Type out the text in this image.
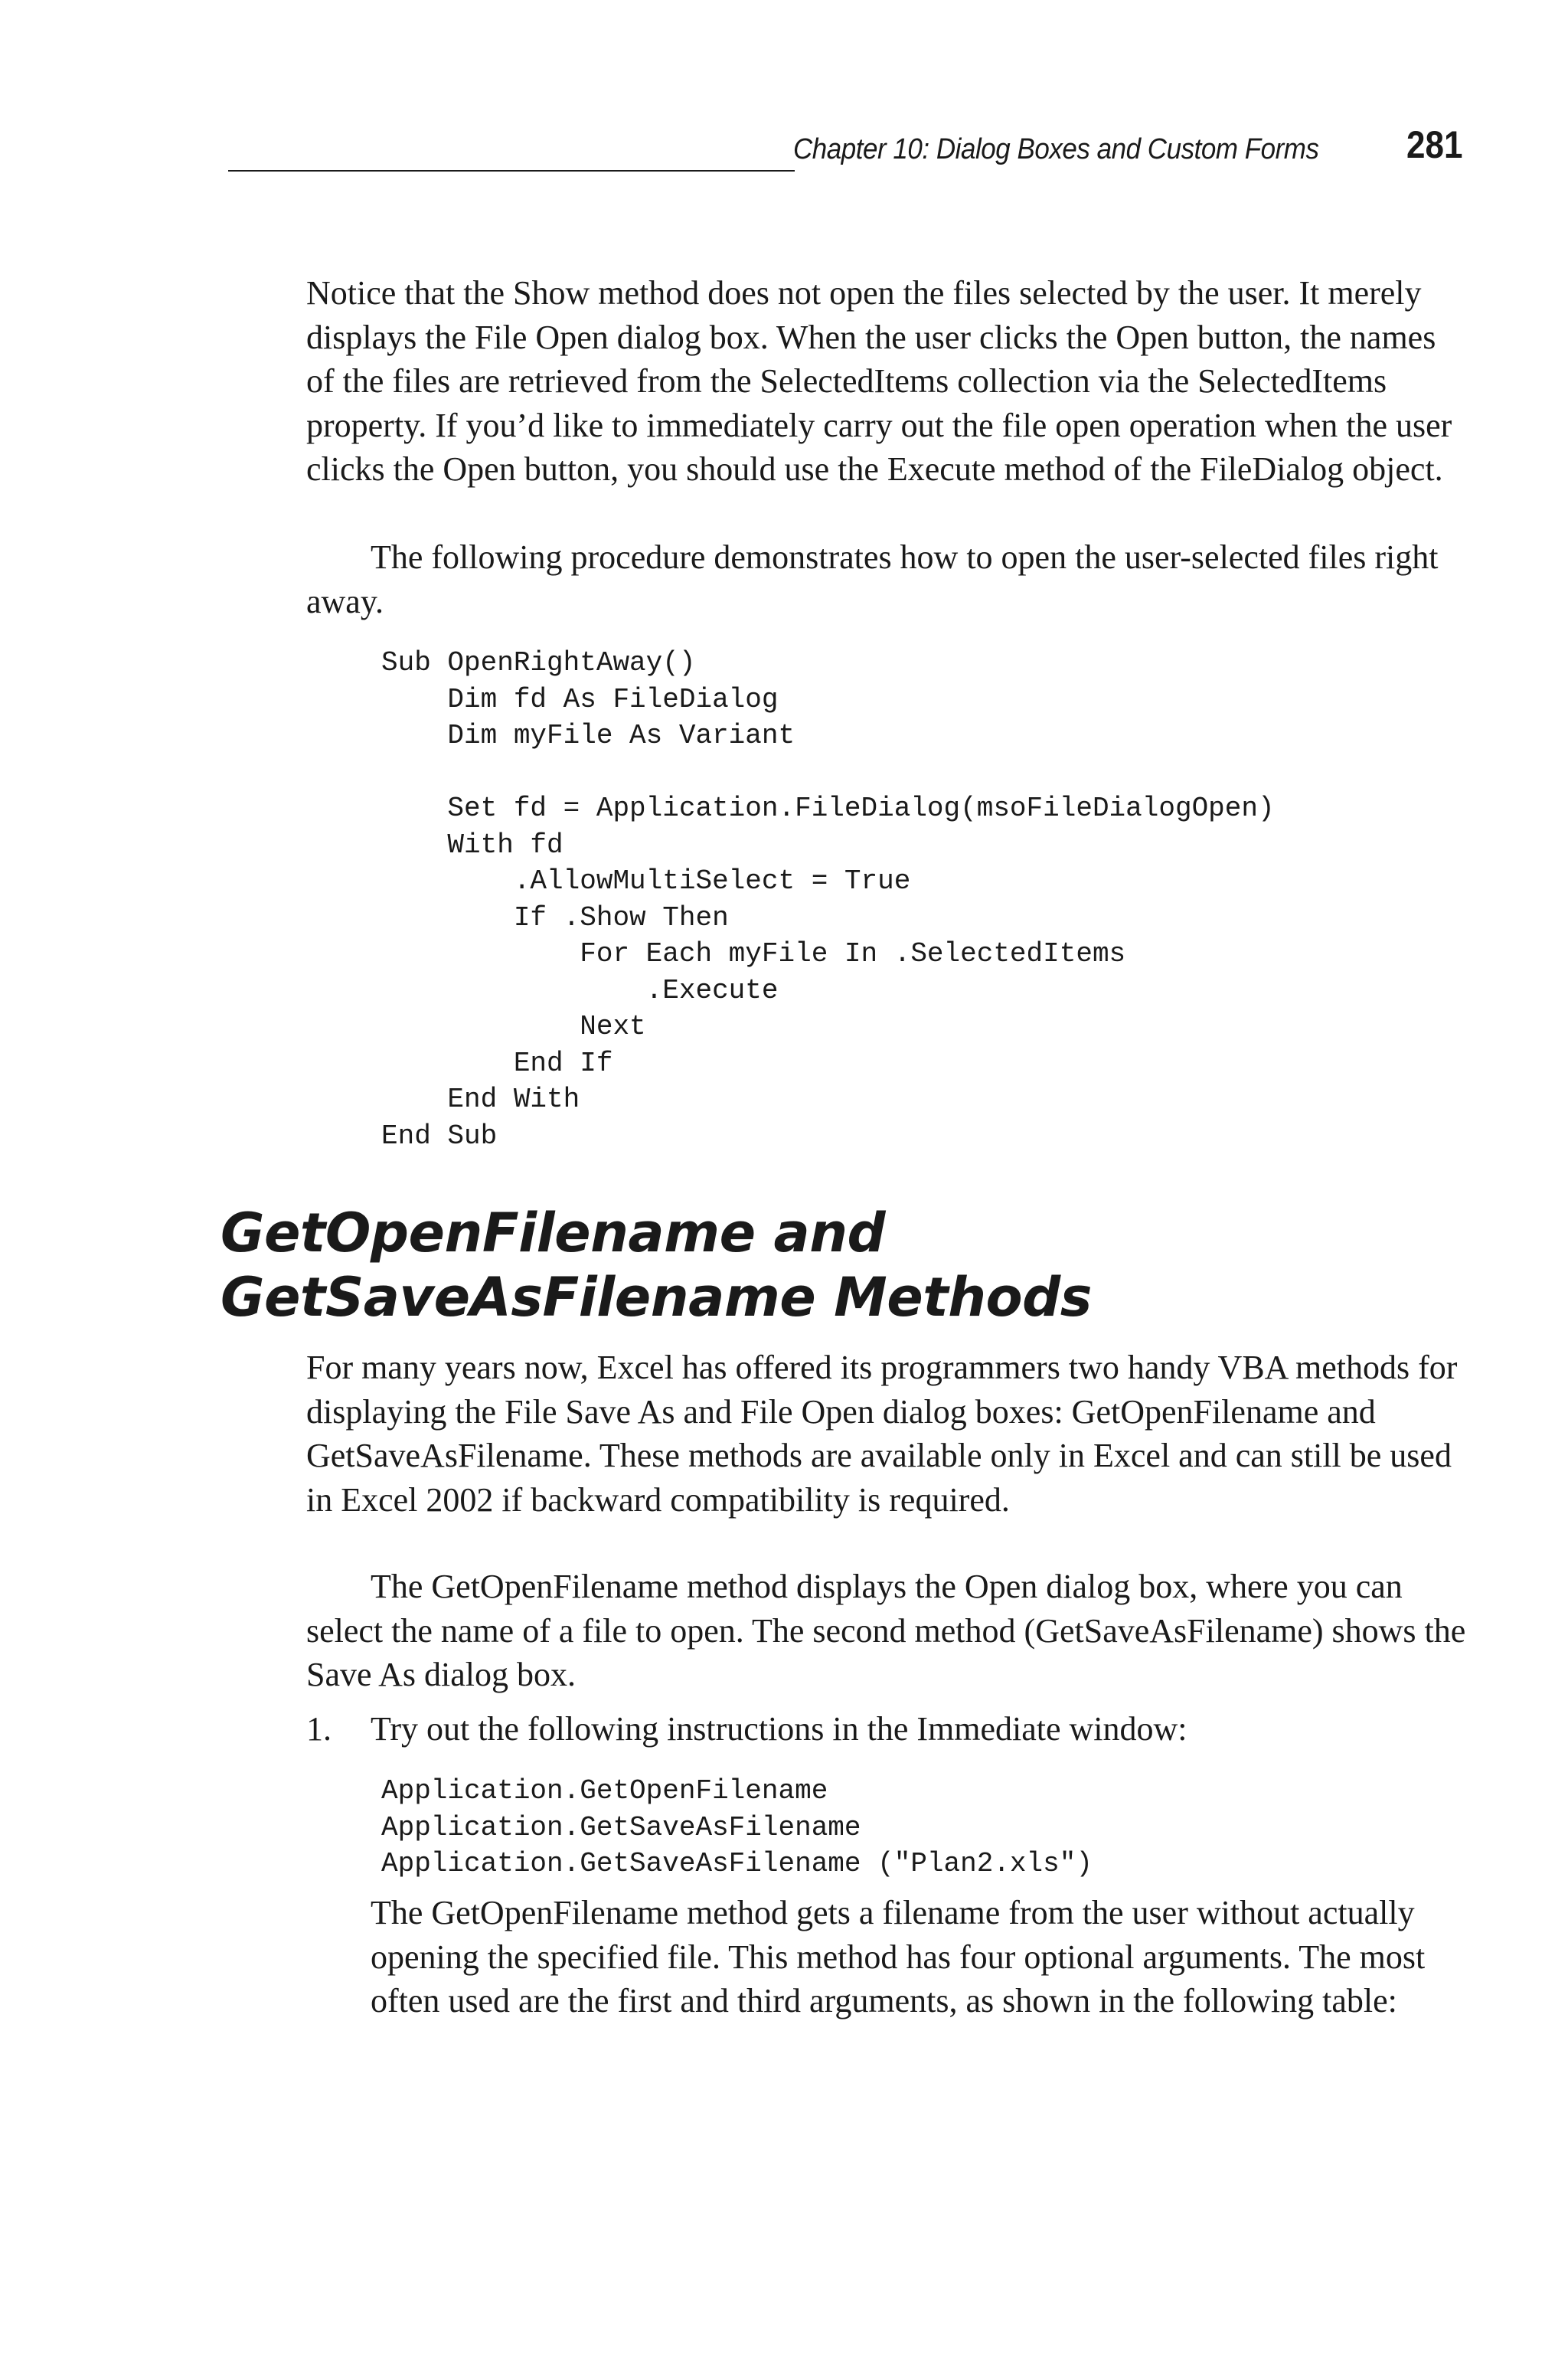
Chapter 10: Dialog Boxes and Custom Forms 281

Notice that the Show method does not open the files selected by the user. It merely displays the File Open dialog box. When the user clicks the Open button, the names of the files are retrieved from the SelectedItems collection via the SelectedItems property. If you’d like to immediately carry out the file open operation when the user clicks the Open button, you should use the Execute method of the FileDialog object.

The following procedure demonstrates how to open the user-selected files right away.

Sub OpenRightAway()
Dim fd As FileDialog
Dim myFile As Variant

Set fd = Application.FileDialog(msoFileDialogOpen)
With fd
.AllowMultiSelect = True
If .Show Then
For Each myFile In .SelectedItems
.Execute
Next
End If
End With
End Sub
GetOpenFilename and
GetSaveAsFilename Methods

For many years now, Excel has offered its programmers two handy VBA methods for displaying the File Save As and File Open dialog boxes: GetOpenFilename and GetSaveAsFilename. These methods are available only in Excel and can still be used in Excel 2002 if backward compatibility is required.

The GetOpenFilename method displays the Open dialog box, where you can select the name of a file to open. The second method (GetSaveAsFilename) shows the Save As dialog box.

1. Try out the following instructions in the Immediate window:
Application.GetOpenFilename
Application.GetSaveAsFilename
Application.GetSaveAsFilename ("Plan2.xls")

The GetOpenFilename method gets a filename from the user without actually opening the specified file. This method has four optional arguments. The most often used are the first and third arguments, as shown in the following table:
